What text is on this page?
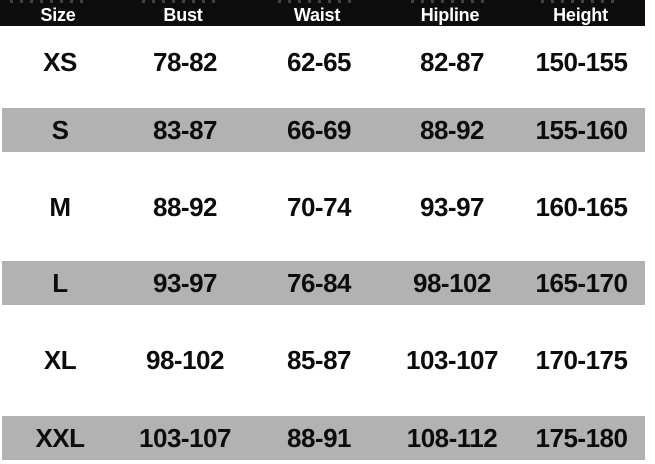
Size	Bust	Waist	Hipline	Height
XS	78-82	62-65	82-87	150-155
S	83-87	66-69	88-92	155-160
M	88-92	70-74	93-97	160-165
L	93-97	76-84	98-102	165-170
XL	98-102	85-87	103-107	170-175
XXL	103-107	88-91	108-112	175-180
